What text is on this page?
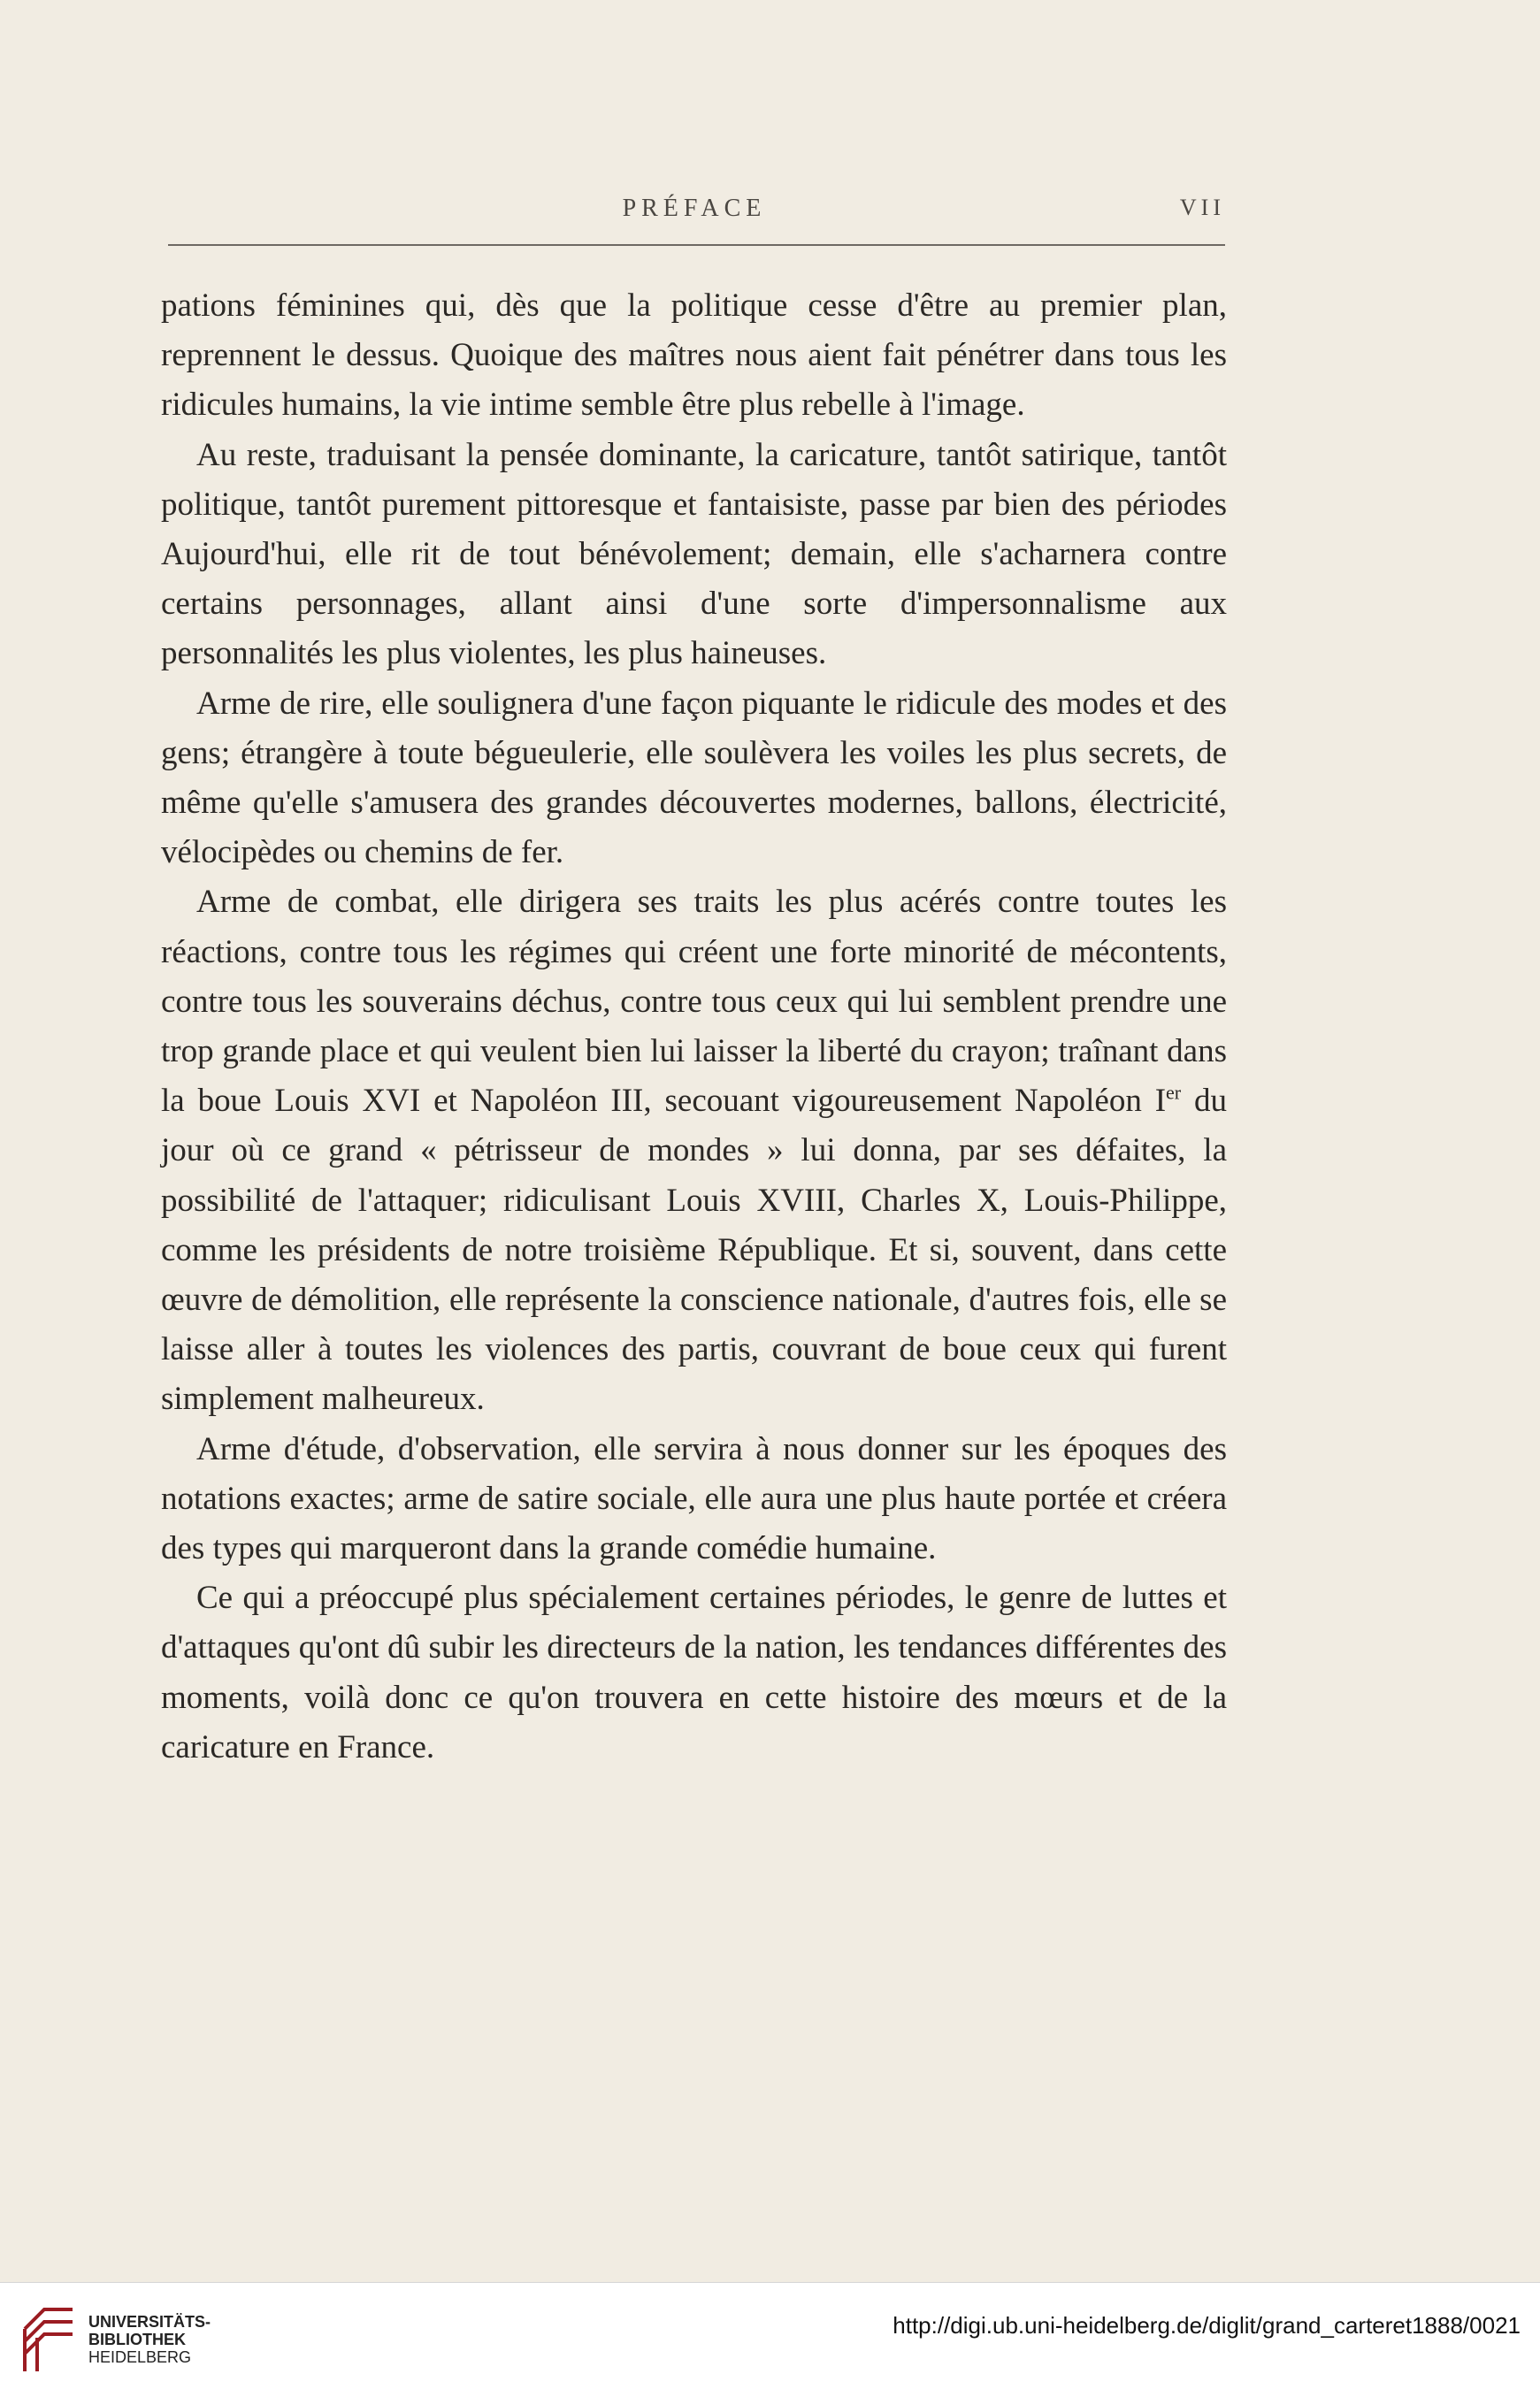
PRÉFACE	VII

pations féminines qui, dès que la politique cesse d'être au premier plan, reprennent le dessus. Quoique des maîtres nous aient fait pénétrer dans tous les ridicules humains, la vie intime semble être plus rebelle à l'image.

Au reste, traduisant la pensée dominante, la caricature, tantôt satirique, tantôt politique, tantôt purement pittoresque et fantaisiste, passe par bien des périodes Aujourd'hui, elle rit de tout bénévolement; demain, elle s'acharnera contre certains personnages, allant ainsi d'une sorte d'impersonnalisme aux personnalités les plus violentes, les plus haineuses.

Arme de rire, elle soulignera d'une façon piquante le ridicule des modes et des gens; étrangère à toute bégueulerie, elle soulèvera les voiles les plus secrets, de même qu'elle s'amusera des grandes découvertes modernes, ballons, électricité, vélocipèdes ou chemins de fer.

Arme de combat, elle dirigera ses traits les plus acérés contre toutes les réactions, contre tous les régimes qui créent une forte minorité de mécontents, contre tous les souverains déchus, contre tous ceux qui lui semblent prendre une trop grande place et qui veulent bien lui laisser la liberté du crayon; traînant dans la boue Louis XVI et Napoléon III, secouant vigoureusement Napoléon Ier du jour où ce grand « pétrisseur de mondes » lui donna, par ses défaites, la possibilité de l'attaquer; ridiculisant Louis XVIII, Charles X, Louis-Philippe, comme les présidents de notre troisième République. Et si, souvent, dans cette œuvre de démolition, elle représente la conscience nationale, d'autres fois, elle se laisse aller à toutes les violences des partis, couvrant de boue ceux qui furent simplement malheureux.

Arme d'étude, d'observation, elle servira à nous donner sur les époques des notations exactes; arme de satire sociale, elle aura une plus haute portée et créera des types qui marqueront dans la grande comédie humaine.

Ce qui a préoccupé plus spécialement certaines périodes, le genre de luttes et d'attaques qu'ont dû subir les directeurs de la nation, les tendances différentes des moments, voilà donc ce qu'on trouvera en cette histoire des mœurs et de la caricature en France.

UNIVERSITÄTS-
BIBLIOTHEK
HEIDELBERG
http://digi.ub.uni-heidelberg.de/diglit/grand_carteret1888/0021
